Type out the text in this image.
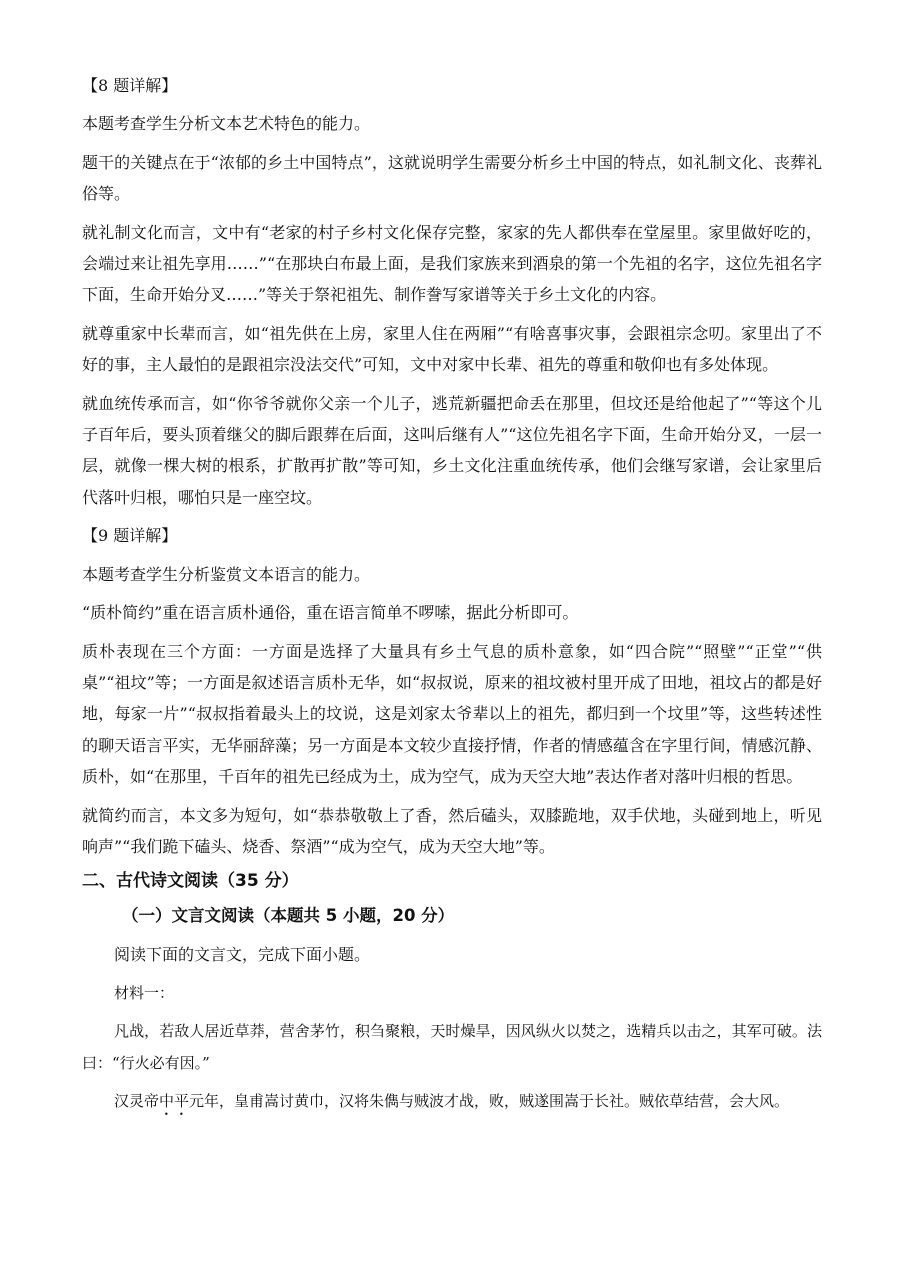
【8 题详解】

本题考查学生分析文本艺术特色的能力。

题干的关键点在于“浓郁的乡土中国特点”，这就说明学生需要分析乡土中国的特点，如礼制文化、丧葬礼俗等。

就礼制文化而言，文中有“老家的村子乡村文化保存完整，家家的先人都供奉在堂屋里。家里做好吃的，会端过来让祖先享用……”“在那块白布最上面，是我们家族来到酒泉的第一个先祖的名字，这位先祖名字下面，生命开始分叉……”等关于祭祀祖先、制作誊写家谱等关于乡土文化的内容。

就尊重家中长辈而言，如“祖先供在上房，家里人住在两厢”“有啥喜事灾事，会跟祖宗念叨。家里出了不好的事，主人最怕的是跟祖宗没法交代”可知，文中对家中长辈、祖先的尊重和敬仰也有多处体现。

就血统传承而言，如“你爷爷就你父亲一个儿子，逃荒新疆把命丢在那里，但坟还是给他起了”“等这个儿子百年后，要头顶着继父的脚后跟葬在后面，这叫后继有人”“这位先祖名字下面，生命开始分叉，一层一层，就像一棵大树的根系，扩散再扩散”等可知，乡土文化注重血统传承，他们会继写家谱，会让家里后代落叶归根，哪怕只是一座空坟。

【9 题详解】

本题考查学生分析鉴赏文本语言的能力。

“质朴简约”重在语言质朴通俗，重在语言简单不啰嗦，据此分析即可。

质朴表现在三个方面：一方面是选择了大量具有乡土气息的质朴意象，如“四合院”“照壁”“正堂”“供桌”“祖坟”等；一方面是叙述语言质朴无华，如“叔叔说，原来的祖坟被村里开成了田地，祖坟占的都是好地，每家一片”“叔叔指着最头上的坟说，这是刘家太爷辈以上的祖先，都归到一个坟里”等，这些转述性的聊天语言平实，无华丽辞藻；另一方面是本文较少直接抒情，作者的情感蕴含在字里行间，情感沉静、质朴，如“在那里，千百年的祖先已经成为土，成为空气，成为天空大地”表达作者对落叶归根的哲思。

就简约而言，本文多为短句，如“恭恭敬敬上了香，然后磕头，双膝跪地，双手伏地，头碰到地上，听见响声”“我们跪下磕头、烧香、祭酒”“成为空气，成为天空大地”等。

二、古代诗文阅读（35 分）
（一）文言文阅读（本题共 5 小题，20 分）

阅读下面的文言文，完成下面小题。

材料一：

凡战，若敌人居近草莽，营舍茅竹，积刍聚粮，天时燥旱，因风纵火以焚之，选精兵以击之，其军可破。法曰：“行火必有因。”

汉灵帝中平元年，皇甫嵩讨黄巾，汉将朱儁与贼波才战，败，贼遂围嵩于长社。贼依草结营，会大风。
